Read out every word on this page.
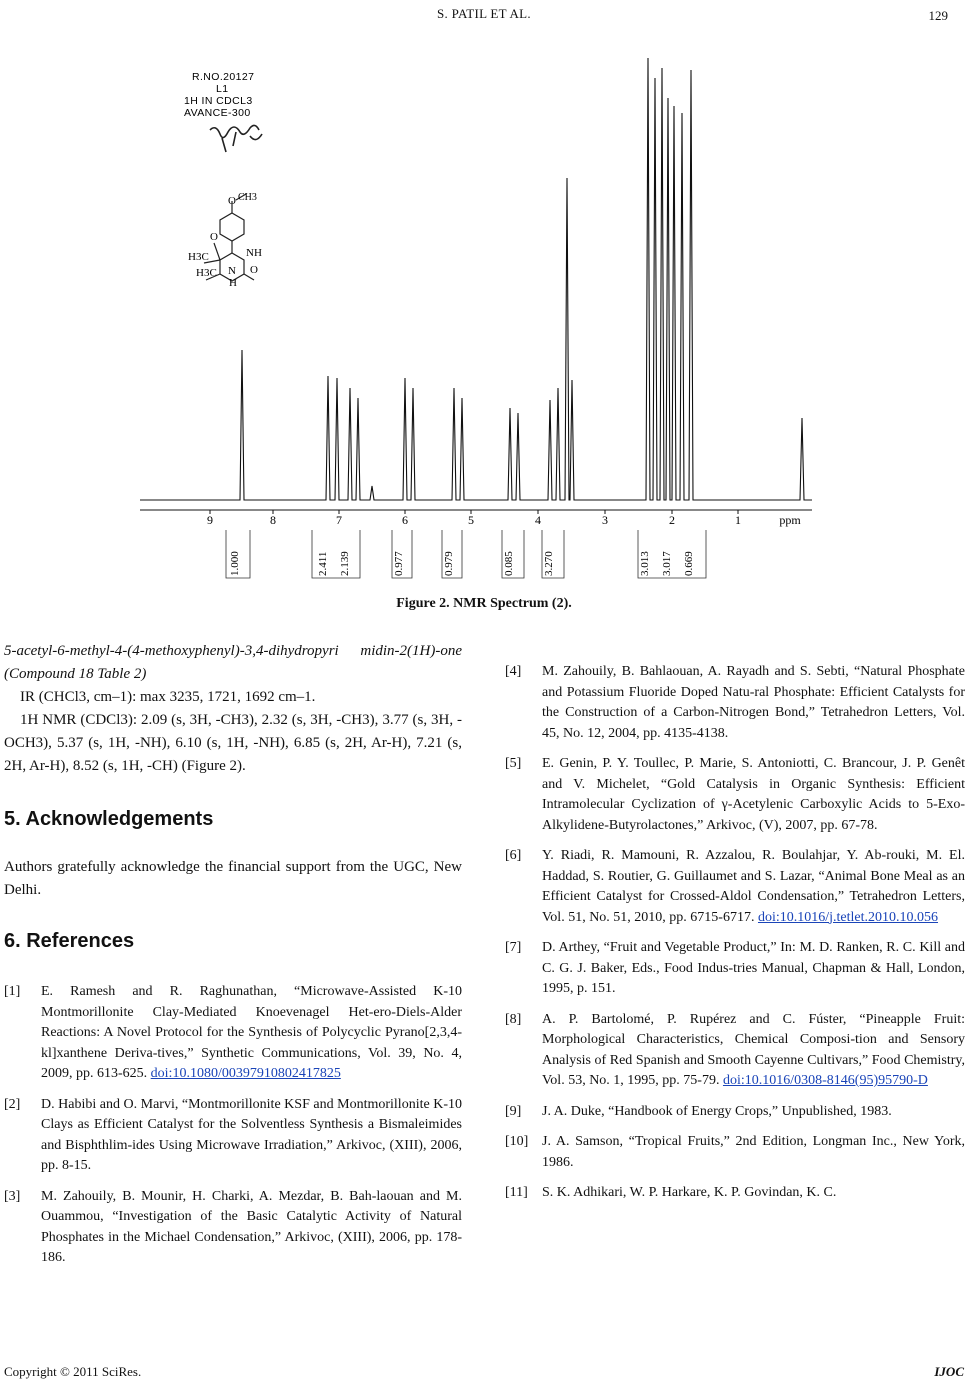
S. PATIL ET AL.	129
R.NO.20127
L1
1H IN CDCL3
AVANCE-300
O CH3
O
NH
H3C
H3C N O
H
9	8	7	6	5	4	3	2	1	ppm
1.000	2.411 2.139	0.977	0.979	0.085	3.270	3.013 3.017 0.669
Figure 2. NMR Spectrum (2).
5-acetyl-6-methyl-4-(4-methoxyphenyl)-3,4-dihydropyri midin-2(1H)-one (Compound 18 Table 2)
IR (CHCl3, cm–1): max 3235, 1721, 1692 cm–1.
1H NMR (CDCl3): 2.09 (s, 3H, -CH3), 2.32 (s, 3H, -CH3), 3.77 (s, 3H, -OCH3), 5.37 (s, 1H, -NH), 6.10 (s, 1H, -NH), 6.85 (s, 2H, Ar-H), 7.21 (s, 2H, Ar-H), 8.52 (s, 1H, -CH) (Figure 2).
5. Acknowledgements
Authors gratefully acknowledge the financial support from the UGC, New Delhi.
6. References
[1] E. Ramesh and R. Raghunathan, “Microwave-Assisted K-10 Montmorillonite Clay-Mediated Knoevenagel Het-ero-Diels-Alder Reactions: A Novel Protocol for the Synthesis of Polycyclic Pyrano[2,3,4-kl]xanthene Deriva-tives,” Synthetic Communications, Vol. 39, No. 4, 2009, pp. 613-625. doi:10.1080/00397910802417825
[2] D. Habibi and O. Marvi, “Montmorillonite KSF and Montmorillonite K-10 Clays as Efficient Catalyst for the Solventless Synthesis a Bismaleimides and Bisphthlim-ides Using Microwave Irradiation,” Arkivoc, (XIII), 2006, pp. 8-15.
[3] M. Zahouily, B. Mounir, H. Charki, A. Mezdar, B. Bah-laouan and M. Ouammou, “Investigation of the Basic Catalytic Activity of Natural Phosphates in the Michael Condensation,” Arkivoc, (XIII), 2006, pp. 178-186.
[4] M. Zahouily, B. Bahlaouan, A. Rayadh and S. Sebti, “Natural Phosphate and Potassium Fluoride Doped Natu-ral Phosphate: Efficient Catalysts for the Construction of a Carbon-Nitrogen Bond,” Tetrahedron Letters, Vol. 45, No. 12, 2004, pp. 4135-4138.
[5] E. Genin, P. Y. Toullec, P. Marie, S. Antoniotti, C. Brancour, J. P. Genêt and V. Michelet, “Gold Catalysis in Organic Synthesis: Efficient Intramolecular Cyclization of γ-Acetylenic Carboxylic Acids to 5-Exo-Alkylidene-Butyrolactones,” Arkivoc, (V), 2007, pp. 67-78.
[6] Y. Riadi, R. Mamouni, R. Azzalou, R. Boulahjar, Y. Ab-rouki, M. El. Haddad, S. Routier, G. Guillaumet and S. Lazar, “Animal Bone Meal as an Efficient Catalyst for Crossed-Aldol Condensation,” Tetrahedron Letters, Vol. 51, No. 51, 2010, pp. 6715-6717. doi:10.1016/j.tetlet.2010.10.056
[7] D. Arthey, “Fruit and Vegetable Product,” In: M. D. Ranken, R. C. Kill and C. G. J. Baker, Eds., Food Indus-tries Manual, Chapman & Hall, London, 1995, p. 151.
[8] A. P. Bartolomé, P. Rupérez and C. Fúster, “Pineapple Fruit: Morphological Characteristics, Chemical Composi-tion and Sensory Analysis of Red Spanish and Smooth Cayenne Cultivars,” Food Chemistry, Vol. 53, No. 1, 1995, pp. 75-79. doi:10.1016/0308-8146(95)95790-D
[9] J. A. Duke, “Handbook of Energy Crops,” Unpublished, 1983.
[10] J. A. Samson, “Tropical Fruits,” 2nd Edition, Longman Inc., New York, 1986.
[11] S. K. Adhikari, W. P. Harkare, K. P. Govindan, K. C.
Copyright © 2011 SciRes.	IJOC
